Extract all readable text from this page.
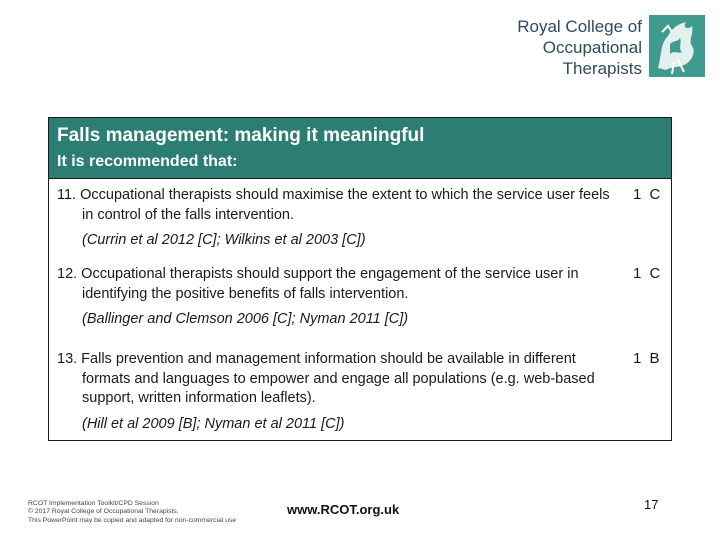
Royal College of
Occupational
Therapists
Falls management: making it meaningful
It is recommended that:
11. Occupational therapists should maximise the extent to which the service user feels in control of the falls intervention.
(Currin et al 2012 [C]; Wilkins et al 2003 [C])
1 C
12. Occupational therapists should support the engagement of the service user in identifying the positive benefits of falls intervention.
(Ballinger and Clemson 2006 [C]; Nyman 2011 [C])
1 C
13. Falls prevention and management information should be available in different formats and languages to empower and engage all populations (e.g. web-based support, written information leaflets).
(Hill et al 2009 [B]; Nyman et al 2011 [C])
1 B
RCOT Implementation Toolkit/CPD Session
© 2017 Royal College of Occupational Therapists.
This PowerPoint may be copied and adapted for non-commercial use
www.RCOT.org.uk	17
